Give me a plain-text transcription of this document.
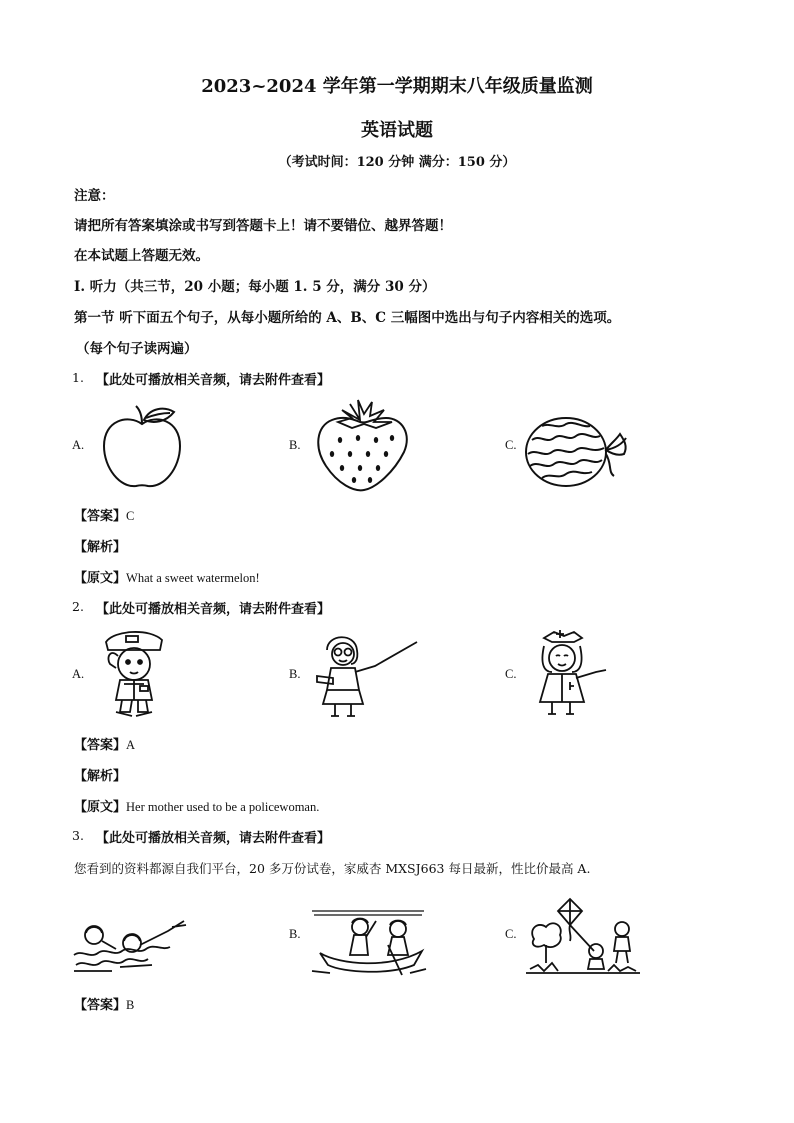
2023~2024 学年第一学期期末八年级质量监测
英语试题
（考试时间：120 分钟 满分：150 分）
注意：
请把所有答案填涂或书写到答题卡上！请不要错位、越界答题！
在本试题上答题无效。
I. 听力（共三节，20 小题；每小题 1. 5 分，满分 30 分）
第一节 听下面五个句子，从每小题所给的 A、B、C 三幅图中选出与句子内容相关的选项。
（每个句子读两遍）
1. 【此处可播放相关音频，请去附件查看】
A.	B.	C.
【答案】C
【解析】
【原文】What a sweet watermelon!
2. 【此处可播放相关音频，请去附件查看】
A.	B.	C.
【答案】A
【解析】
【原文】Her mother used to be a policewoman.
3. 【此处可播放相关音频，请去附件查看】
您看到的资料都源自我们平台，20 多万份试卷，家威杏 MXSJ663 每日最新，性比价最高 A.
B.	C.
【答案】B
